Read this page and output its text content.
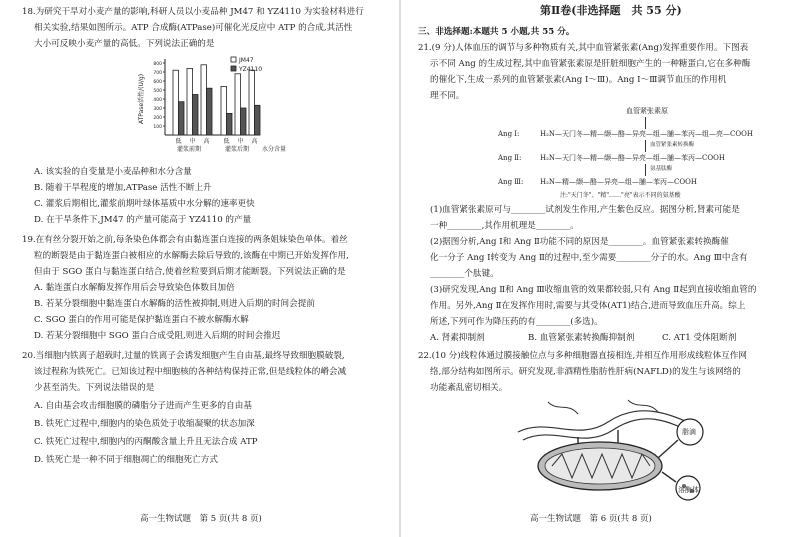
18.为研究干旱对小麦产量的影响,科研人员以小麦品种 JM47 和 YZ4110 为实验材料进行
相关实验,结果如图所示。ATP 合成酶(ATPase)可催化光反应中 ATP 的合成,其活性
大小可反映小麦产量的高低。下列说法正确的是
100
200
300
400
500
600
700
800
ATPase活性/(U/g)
低 中 高 低 中 高
灌浆前期	灌浆后期 水分含量
JM47
YZ4110
A. 该实验的自变量是小麦品种和水分含量
B. 随着干旱程度的增加,ATPase 活性不断上升
C. 灌浆后期相比,灌浆前期叶绿体基质中水分解的速率更快
D. 在干旱条件下,JM47 的产量可能高于 YZ4110 的产量
19.在有丝分裂开始之前,每条染色体都会有由黏连蛋白连接的两条姐妹染色单体。着丝
粒的断裂是由于黏连蛋白被相应的水解酶去除后导致的,该酶在中期已开始发挥作用,
但由于 SGO 蛋白与黏连蛋白结合,使着丝粒要到后期才能断裂。下列说法正确的是
A. 黏连蛋白水解酶发挥作用后会导致染色体数目加倍
B. 若某分裂细胞中黏连蛋白水解酶的活性被抑制,则进入后期的时间会提前
C. SGO 蛋白的作用可能是保护黏连蛋白不被水解酶水解
D. 若某分裂细胞中 SGO 蛋白合成受阻,则进入后期的时间会推迟
20.当细胞内铁离子超载时,过量的铁离子会诱发细胞产生自由基,最终导致细胞膜破裂,
该过程称为铁死亡。已知该过程中细胞核的各种结构保持正常,但是线粒体的嵴会减
少甚至消失。下列说法错误的是
A. 自由基会攻击细胞膜的磷脂分子进而产生更多的自由基
B. 铁死亡过程中,细胞内的染色质处于收缩凝聚的状态加深
C. 铁死亡过程中,细胞内的丙酮酸含量上升且无法合成 ATP
D. 铁死亡是一种不同于细胞凋亡的细胞死亡方式
高一生物试题　第 5 页(共 8 页)
第Ⅱ卷(非选择题　共 55 分)
三、非选择题:本题共 5 小题,共 55 分。
21.(9 分)人体血压的调节与多种物质有关,其中血管紧张素(Ang)发挥重要作用。下图表
示不同 Ang 的生成过程,其中血管紧张素原是肝脏细胞产生的一种糖蛋白,它在多种酶
的催化下,生成一系列的血管紧张素(Ang Ⅰ～Ⅲ)。Ang Ⅰ～Ⅲ调节血压的作用机
理不同。
血管紧张素原
Ang Ⅰ:	H₂N—天门冬—精—缬—酪—异亮—组—脯—苯丙—组—亮—COOH
血管紧张素转换酶
Ang Ⅱ:	H₂N—天门冬—精—缬—酪—异亮—组—脯—苯丙—COOH
氨基肽酶
Ang Ⅲ: H₂N—精—缬—酪—异亮—组—脯—苯丙—COOH
注:"天门冬"、"精"……"亮"表示不同的氨基酸
(1)血管紧张素原可与________试剂发生作用,产生紫色反应。据图分析,肾素可能是
一种________,其作用机理是________。
(2)据图分析,Ang Ⅰ和 Ang Ⅱ功能不同的原因是________。血管紧张素转换酶催
化一分子 Ang Ⅰ转变为 Ang Ⅱ的过程中,至少需要________分子的水。Ang Ⅲ中含有
________个肽键。
(3)研究发现,Ang Ⅱ和 Ang Ⅲ收缩血管的效果都较弱,只有 Ang Ⅱ起到直接收缩血管的
作用。另外,Ang Ⅱ在发挥作用时,需要与其受体(AT1)结合,进而导致血压升高。综上
所述,下列可作为降压药的有________(多选)。
A. 肾素抑制剂	B. 血管紧张素转换酶抑制剂	C. AT1 受体阻断剂
22.(10 分)线粒体通过膜接触位点与多种细胞器直接相连,并相互作用形成线粒体互作网
络,部分结构如图所示。研究发现,非酒精性脂肪性肝病(NAFLD)的发生与该网络的
功能紊乱密切相关。
脂滴
溶酶体
高一生物试题　第 6 页(共 8 页)
